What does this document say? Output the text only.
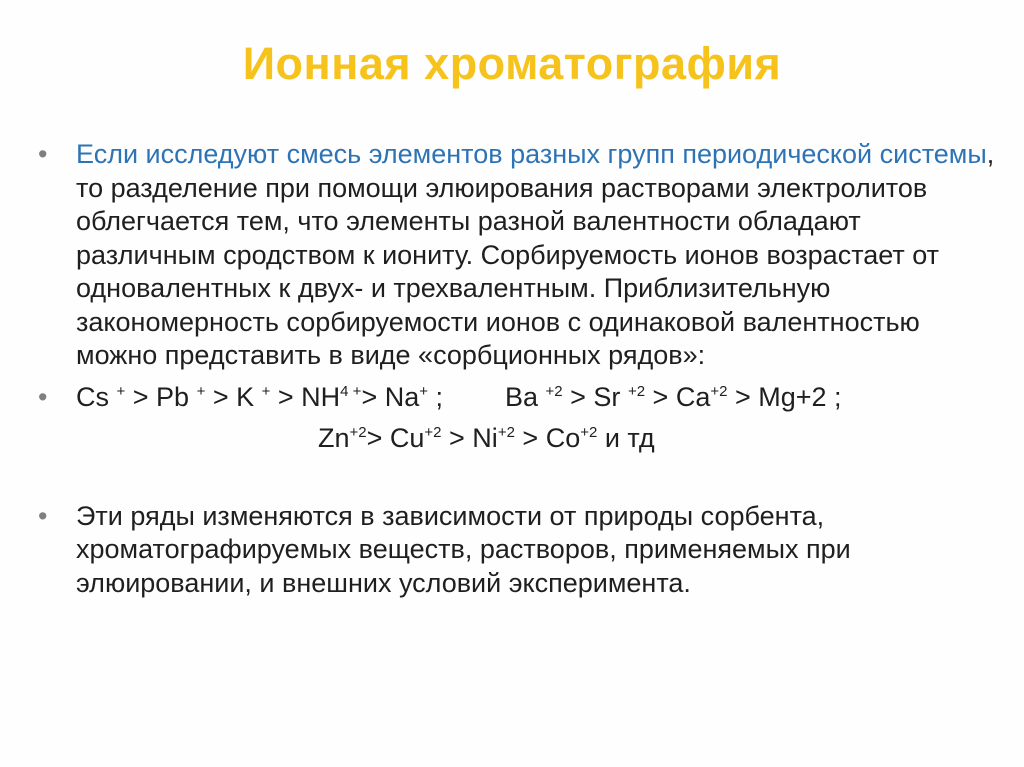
Ионная хроматография
• Если исследуют смесь элементов разных групп периодической системы, то разделение при помощи элюирования растворами электролитов облегчается тем, что элементы разной валентности обладают различным сродством к иониту. Сорбируемость ионов возрастает от одновалентных к двух- и трехвалентным. Приблизительную закономерность сорбируемости ионов с одинаковой валентностью можно представить в виде «сорбционных рядов»:
• Cs + > Pb + > K $^+ > NH^{4 +}> Na^+$ ; Ba $^{+2}$ > Sr $^{+2} > Ca^{+2} > Mg+2$ ;
$Zn^{+2}> Cu^{+2} > Ni^{+2} > Co^{+2}$ и тд
• Эти ряды изменяются в зависимости от природы сорбента, хроматографируемых веществ, растворов, применяемых при элюировании, и внешних условий эксперимента.
